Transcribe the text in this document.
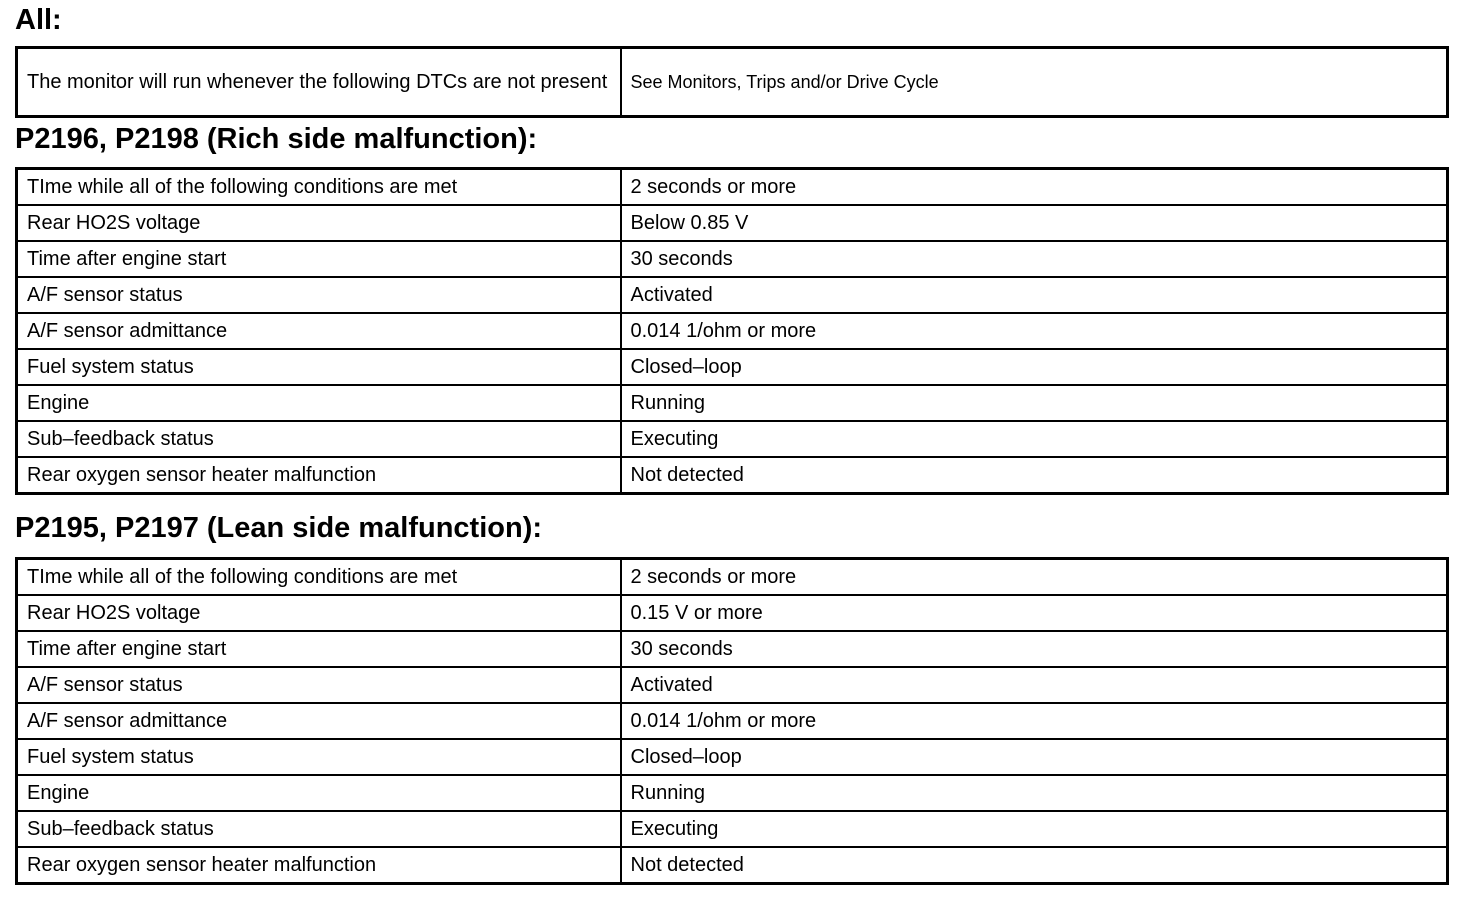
All:
The monitor will run whenever the following DTCs are not present	See Monitors, Trips and/or Drive Cycle
P2196, P2198 (Rich side malfunction):
TIme while all of the following conditions are met	2 seconds or more
Rear HO2S voltage	Below 0.85 V
Time after engine start	30 seconds
A/F sensor status	Activated
A/F sensor admittance	0.014 1/ohm or more
Fuel system status	Closed–loop
Engine	Running
Sub–feedback status	Executing
Rear oxygen sensor heater malfunction	Not detected
P2195, P2197 (Lean side malfunction):
TIme while all of the following conditions are met	2 seconds or more
Rear HO2S voltage	0.15 V or more
Time after engine start	30 seconds
A/F sensor status	Activated
A/F sensor admittance	0.014 1/ohm or more
Fuel system status	Closed–loop
Engine	Running
Sub–feedback status	Executing
Rear oxygen sensor heater malfunction	Not detected
